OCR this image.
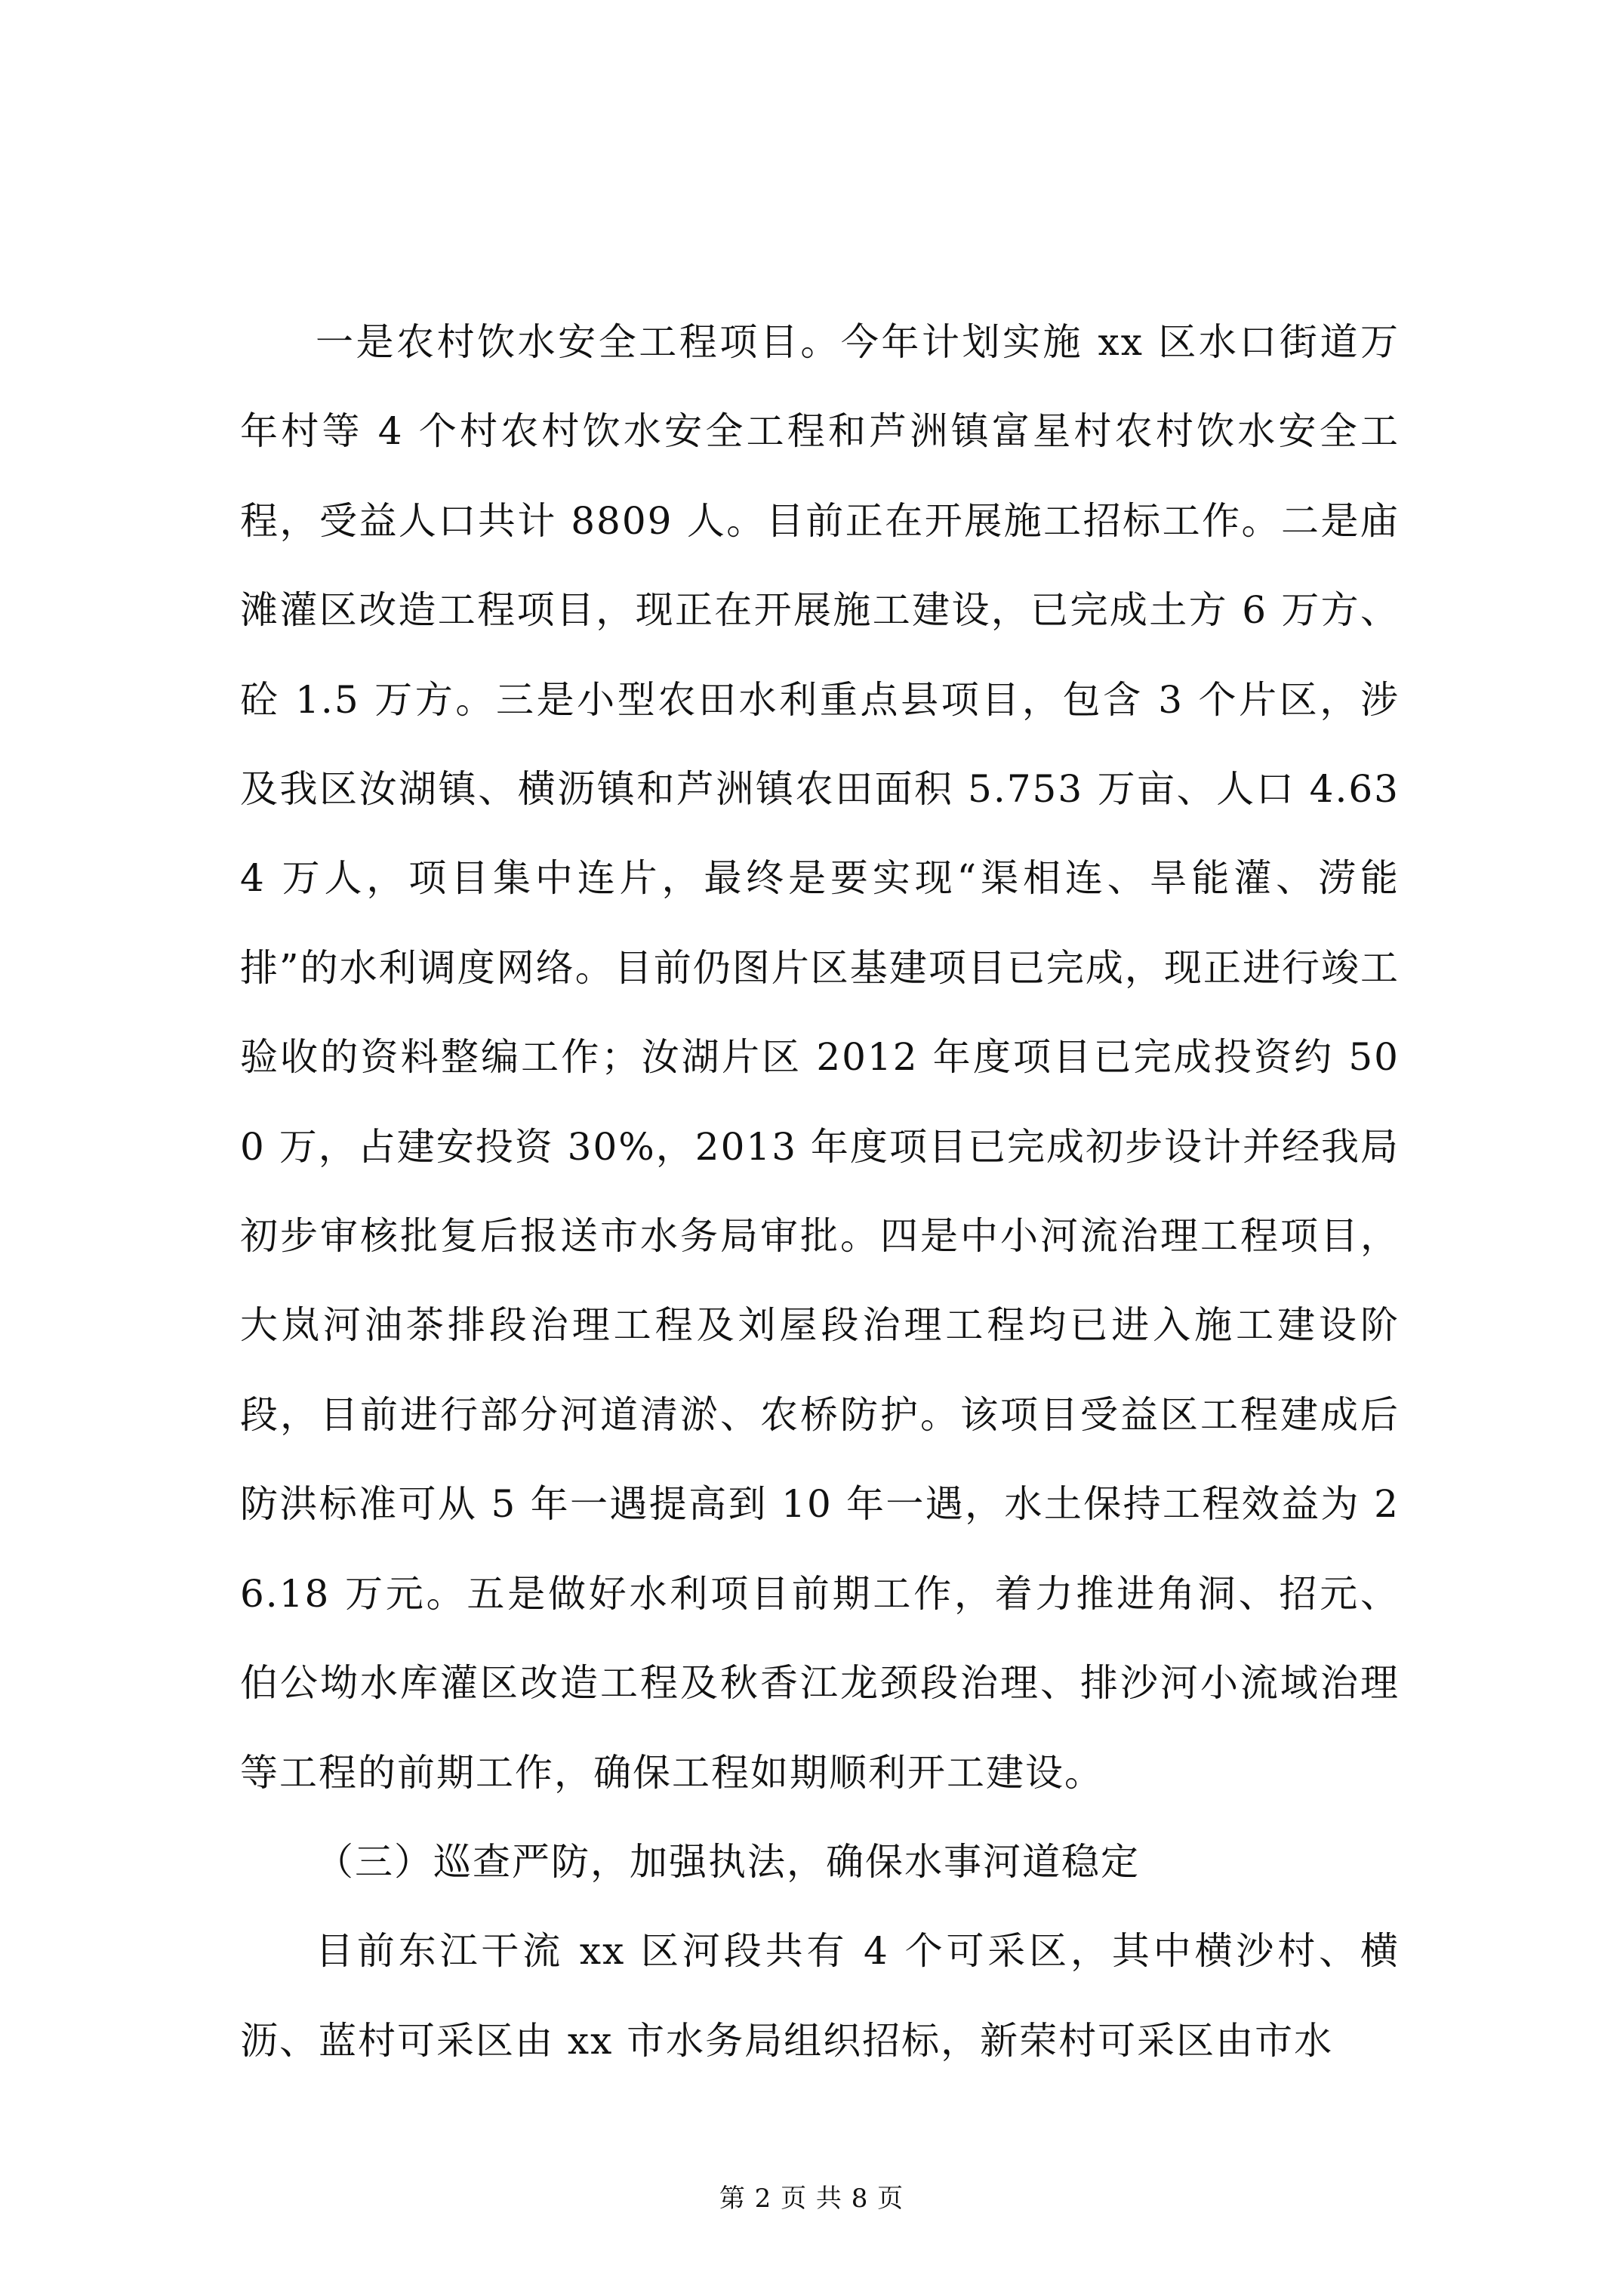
一是农村饮水安全工程项目。今年计划实施 xx 区水口街道万年村等 4 个村农村饮水安全工程和芦洲镇富星村农村饮水安全工程，受益人口共计 8809 人。目前正在开展施工招标工作。二是庙滩灌区改造工程项目，现正在开展施工建设，已完成土方 6 万方、砼 1.5 万方。三是小型农田水利重点县项目，包含 3 个片区，涉及我区汝湖镇、横沥镇和芦洲镇农田面积 5.753 万亩、人口 4.634 万人，项目集中连片，最终是要实现“渠相连、旱能灌、涝能排”的水利调度网络。目前仍图片区基建项目已完成，现正进行竣工验收的资料整编工作；汝湖片区 2012 年度项目已完成投资约 500 万，占建安投资 30%，2013 年度项目已完成初步设计并经我局初步审核批复后报送市水务局审批。四是中小河流治理工程项目，大岚河油茶排段治理工程及刘屋段治理工程均已进入施工建设阶段，目前进行部分河道清淤、农桥防护。该项目受益区工程建成后防洪标准可从 5 年一遇提高到 10 年一遇，水土保持工程效益为 26.18 万元。五是做好水利项目前期工作，着力推进角洞、招元、伯公坳水库灌区改造工程及秋香江龙颈段治理、排沙河小流域治理等工程的前期工作，确保工程如期顺利开工建设。

（三）巡查严防，加强执法，确保水事河道稳定

目前东江干流 xx 区河段共有 4 个可采区，其中横沙村、横沥、蓝村可采区由 xx 市水务局组织招标，新荣村可采区由市水

第 2 页 共 8 页
